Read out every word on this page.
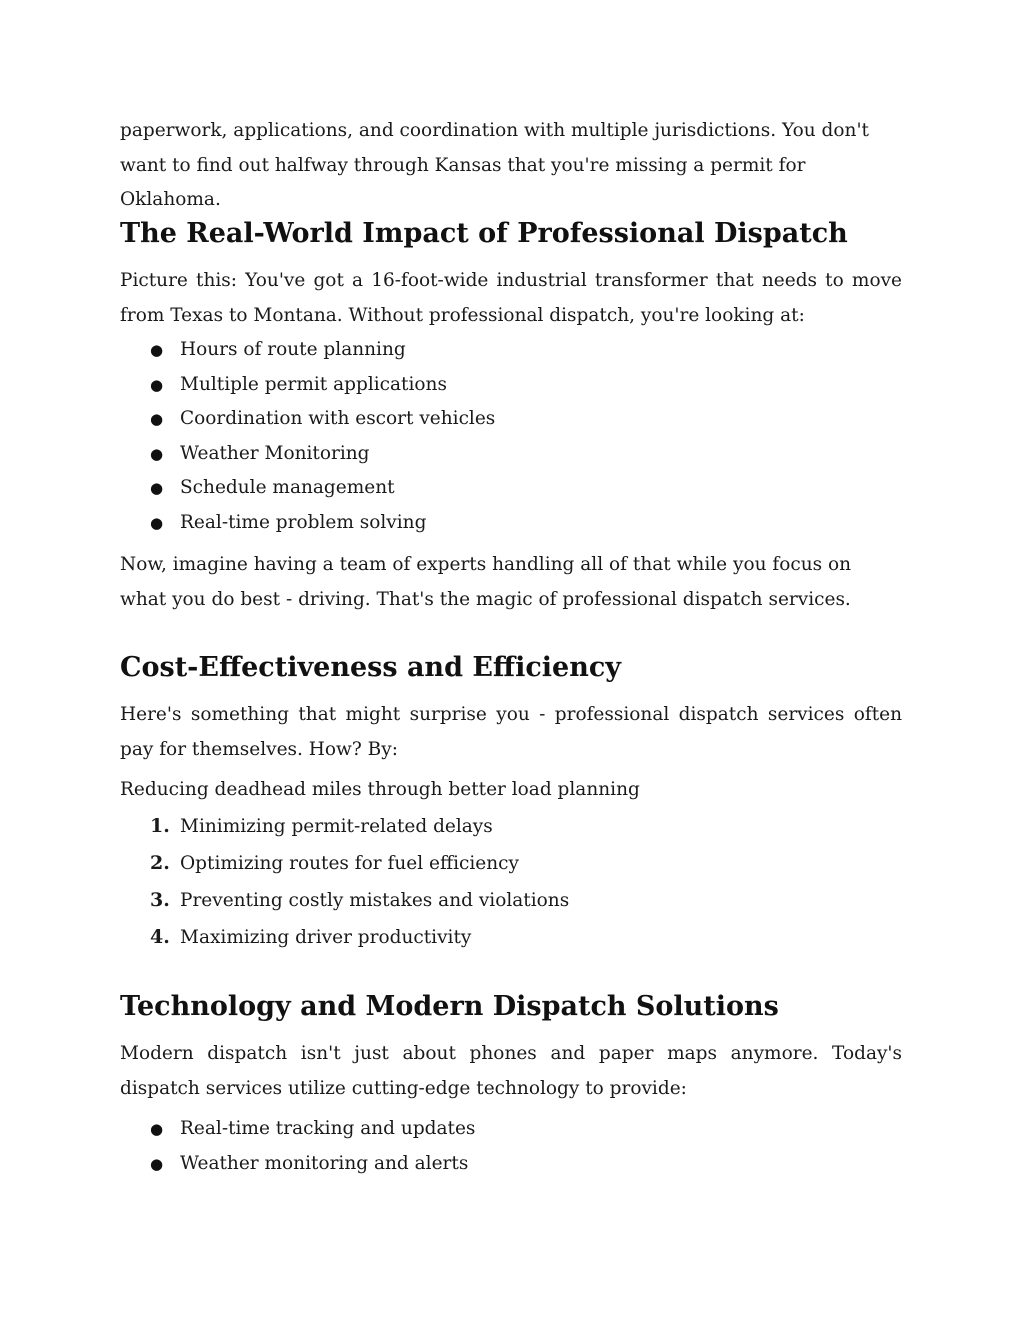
paperwork, applications, and coordination with multiple jurisdictions. You don't want to find out halfway through Kansas that you're missing a permit for Oklahoma.

The Real-World Impact of Professional Dispatch

Picture this: You've got a 16-foot-wide industrial transformer that needs to move from Texas to Montana. Without professional dispatch, you're looking at:

● Hours of route planning
● Multiple permit applications
● Coordination with escort vehicles
● Weather Monitoring
● Schedule management
● Real-time problem solving

Now, imagine having a team of experts handling all of that while you focus on what you do best - driving. That's the magic of professional dispatch services.

Cost-Effectiveness and Efficiency

Here's something that might surprise you - professional dispatch services often pay for themselves. How? By:

Reducing deadhead miles through better load planning

1. Minimizing permit-related delays
2. Optimizing routes for fuel efficiency
3. Preventing costly mistakes and violations
4. Maximizing driver productivity
Technology and Modern Dispatch Solutions

Modern dispatch isn't just about phones and paper maps anymore. Today's dispatch services utilize cutting-edge technology to provide:

● Real-time tracking and updates
● Weather monitoring and alerts
